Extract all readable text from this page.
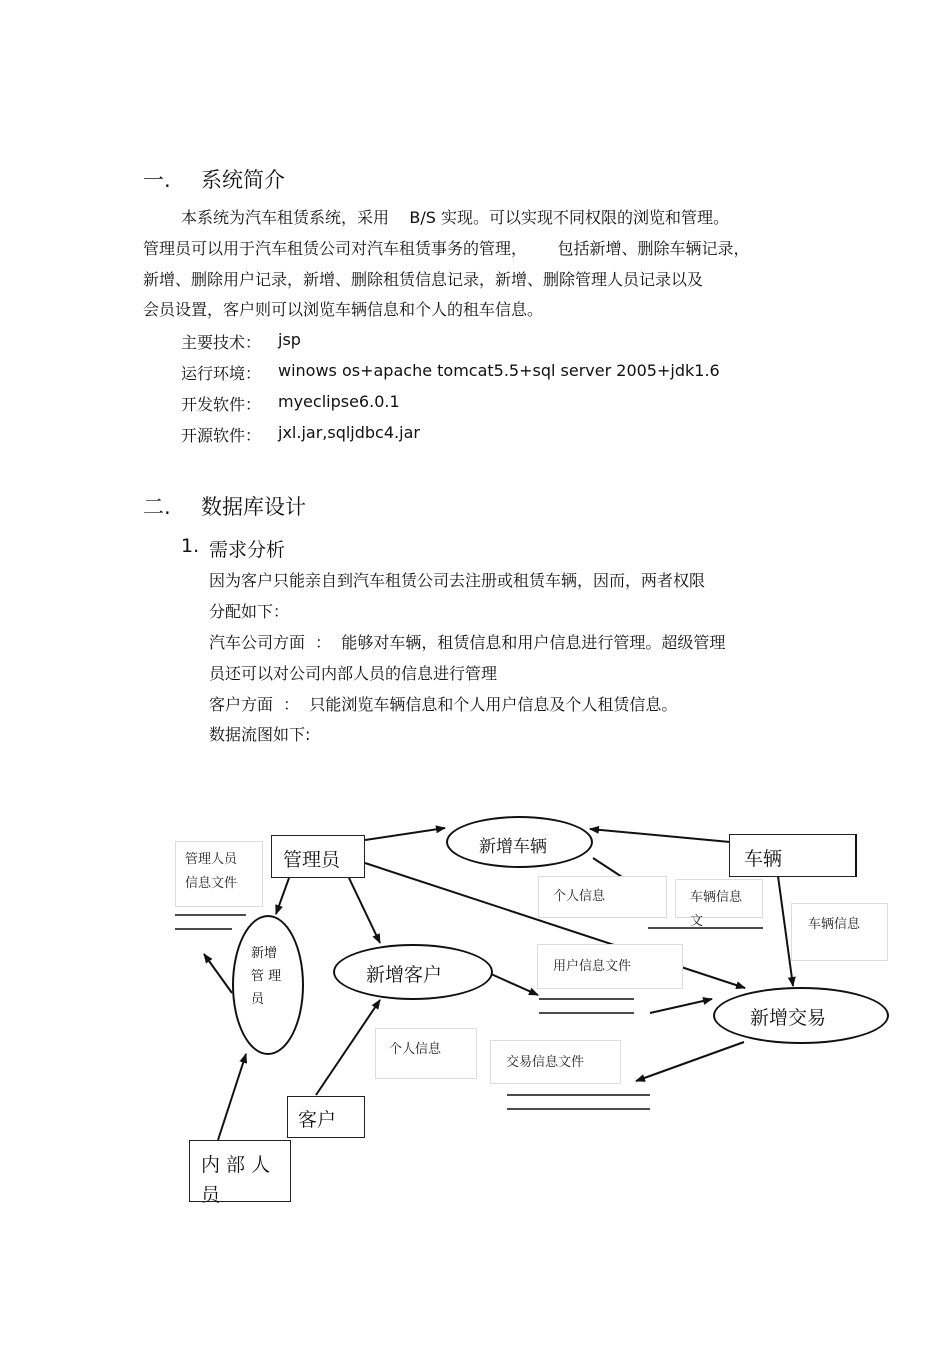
一. 系统简介
本系统为汽车租赁系统，采用    B/S 实现。可以实现不同权限的浏览和管理。
管理员可以用于汽车租赁公司对汽车租赁事务的管理，      包括新增、删除车辆记录，
新增、删除用户记录，新增、删除租赁信息记录，新增、删除管理人员记录以及
会员设置，客户则可以浏览车辆信息和个人的租车信息。
主要技术： jsp
运行环境： winows os+apache tomcat5.5+sql server 2005+jdk1.6
开发软件： myeclipse6.0.1
开源软件： jxl.jar,sqljdbc4.jar
二. 数据库设计
1. 需求分析
因为客户只能亲自到汽车租赁公司去注册或租赁车辆，因而，两者权限
分配如下：
汽车公司方面  ：  能够对车辆，租赁信息和用户信息进行管理。超级管理
员还可以对公司内部人员的信息进行管理
客户方面  ：  只能浏览车辆信息和个人用户信息及个人租赁信息。
数据流图如下:
管理人员
信息文件
个人信息	车辆信息
文	车辆信息
用户信息文件
个人信息
交易信息文件
管理员	车辆
客户
内 部 人
员
新增车辆
新增客户
新增交易
新增
管 理
员
